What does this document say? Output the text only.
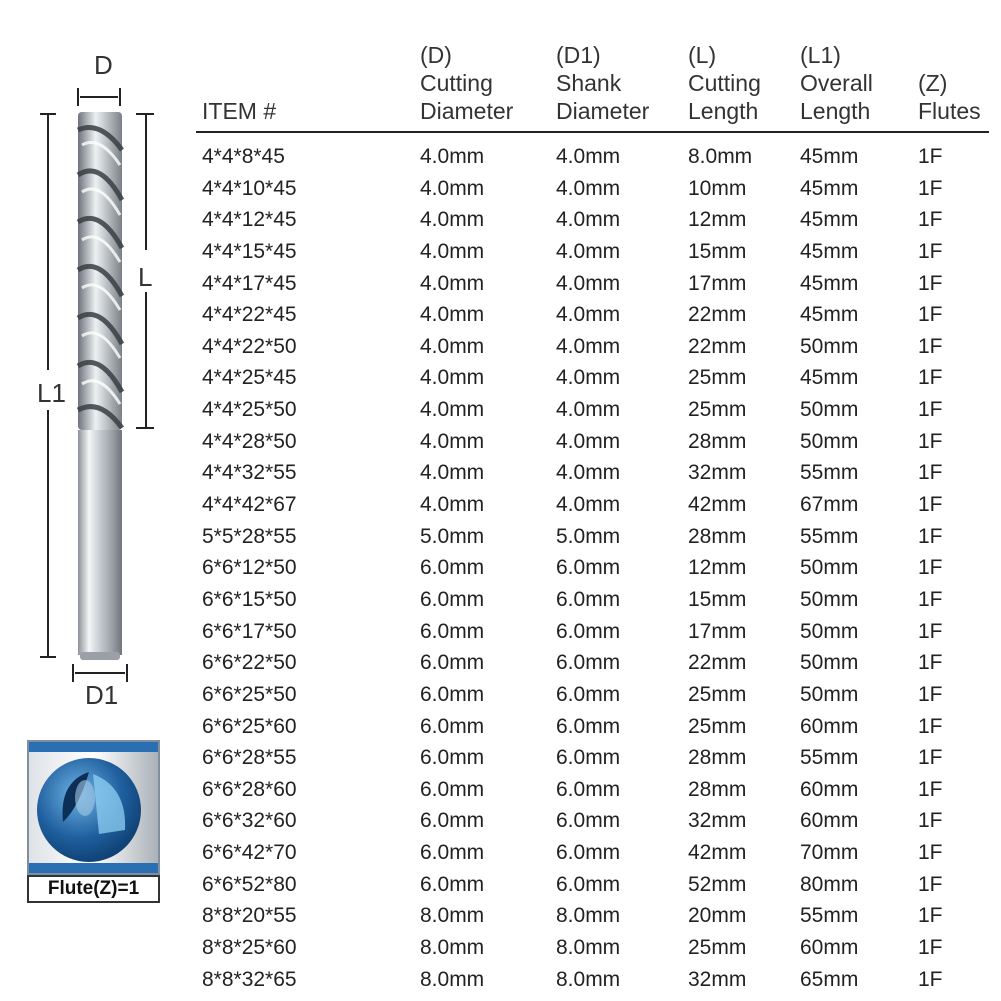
D
L
L1
D1
Flute(Z)=1
ITEM #
(D)
Cutting
Diameter
(D1)
Shank
Diameter
(L)
Cutting
Length
(L1)
Overall
Length
(Z)
Flutes
4*4*8*45	4.0mm	4.0mm	8.0mm 45mm	1F
4*4*10*45	4.0mm	4.0mm	10mm	45mm	1F
4*4*12*45	4.0mm	4.0mm	12mm	45mm	1F
4*4*15*45	4.0mm	4.0mm	15mm	45mm	1F
4*4*17*45	4.0mm	4.0mm	17mm	45mm	1F
4*4*22*45	4.0mm	4.0mm	22mm	45mm	1F
4*4*22*50	4.0mm	4.0mm	22mm	50mm	1F
4*4*25*45	4.0mm	4.0mm	25mm	45mm	1F
4*4*25*50	4.0mm	4.0mm	25mm	50mm	1F
4*4*28*50	4.0mm	4.0mm	28mm	50mm	1F
4*4*32*55	4.0mm	4.0mm	32mm	55mm	1F
4*4*42*67	4.0mm	4.0mm	42mm	67mm	1F
5*5*28*55	5.0mm	5.0mm	28mm	55mm	1F
6*6*12*50	6.0mm	6.0mm	12mm	50mm	1F
6*6*15*50	6.0mm	6.0mm	15mm	50mm	1F
6*6*17*50	6.0mm	6.0mm	17mm	50mm	1F
6*6*22*50	6.0mm	6.0mm	22mm	50mm	1F
6*6*25*50	6.0mm	6.0mm	25mm	50mm	1F
6*6*25*60	6.0mm	6.0mm	25mm	60mm	1F
6*6*28*55	6.0mm	6.0mm	28mm	55mm	1F
6*6*28*60	6.0mm	6.0mm	28mm	60mm	1F
6*6*32*60	6.0mm	6.0mm	32mm	60mm	1F
6*6*42*70	6.0mm	6.0mm	42mm	70mm	1F
6*6*52*80	6.0mm	6.0mm	52mm	80mm	1F
8*8*20*55	8.0mm	8.0mm	20mm	55mm	1F
8*8*25*60	8.0mm	8.0mm	25mm	60mm	1F
8*8*32*65	8.0mm	8.0mm	32mm	65mm	1F
